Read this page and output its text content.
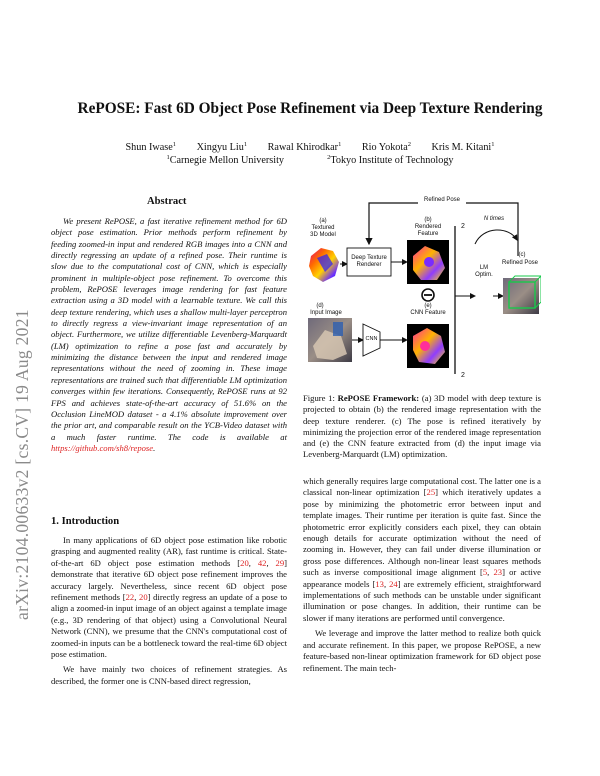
arXiv:2104.00633v2 [cs.CV] 19 Aug 2021
RePOSE: Fast 6D Object Pose Refinement via Deep Texture Rendering
Shun Iwase$^1$ Xingyu Liu$^1$ Rawal Khirodkar$^1$ Rio Yokota$^2$ Kris M. Kitani$^1$
$^1$Carnegie Mellon University	$^2$Tokyo Institute of Technology
Abstract
We present RePOSE, a fast iterative refinement method for 6D object pose estimation. Prior methods perform refinement by feeding zoomed-in input and rendered RGB images into a CNN and directly regressing an update of a refined pose. Their runtime is slow due to the computational cost of CNN, which is especially prominent in multiple-object pose refinement. To overcome this problem, RePOSE leverages image rendering for fast feature extraction using a 3D model with a learnable texture. We call this deep texture rendering, which uses a shallow multi-layer perceptron to directly regress a view-invariant image representation of an object. Furthermore, we utilize differentiable Levenberg-Marquardt (LM) optimization to refine a pose fast and accurately by minimizing the distance between the input and rendered image representations without the need of zooming in. These image representations are trained such that differentiable LM optimization converges within few iterations. Consequently, RePOSE runs at 92 FPS and achieves state-of-the-art accuracy of 51.6% on the Occlusion LineMOD dataset - a 4.1% absolute improvement over the prior art, and comparable result on the YCB-Video dataset with a much faster runtime. The code is available at https://github.com/sh8/repose.
1. Introduction

In many applications of 6D object pose estimation like robotic grasping and augmented reality (AR), fast runtime is critical. State-of-the-art 6D object pose estimation methods [20, 42, 29] demonstrate that iterative 6D object pose refinement improves the accuracy largely. Nevertheless, since recent 6D object pose refinement methods [22, 20] directly regress an update of a pose to align a zoomed-in input image of an object against a template image (e.g., 3D rendering of that object) using a Convolutional Neural Network (CNN), we presume that the CNN's computational cost of zoomed-in inputs can be a bottleneck toward the real-time 6D object pose estimation.

We have mainly two choices of refinement strategies. As described, the former one is CNN-based direct regression,

Refined Pose
(a)
Textured
3D Model
Deep Texture
Renderer
(b)
Rendered
Feature
(d)
Input Image
CNN
(e)
CNN Feature
2
2
LM
Optim.
N times
(c)
Refined Pose
Figure 1: RePOSE Framework: (a) 3D model with deep texture is projected to obtain (b) the rendered image representation with the deep texture renderer. (c) The pose is refined iteratively by minimizing the projection error of the rendered image representation and (e) the CNN feature extracted from (d) the input image via Levenberg-Marquardt (LM) optimization.

which generally requires large computational cost. The latter one is a classical non-linear optimization [25] which iteratively updates a pose by minimizing the photometric error between input and template images. Their runtime per iteration is quite fast. Since the photometric error explicitly considers each pixel, they can obtain enough details for accurate optimization without the need of zooming in. However, they can fail under diverse illumination or gross pose differences. Although non-linear least squares methods such as inverse compositional image alignment [5, 23] or active appearance models [13, 24] are extremely efficient, straightforward implementations of such methods can be unstable under significant illumination or pose changes. In addition, their runtime can be slower if many iterations are performed until convergence.

We leverage and improve the latter method to realize both quick and accurate refinement. In this paper, we propose RePOSE, a new feature-based non-linear optimization framework for 6D object pose refinement. The main tech-
